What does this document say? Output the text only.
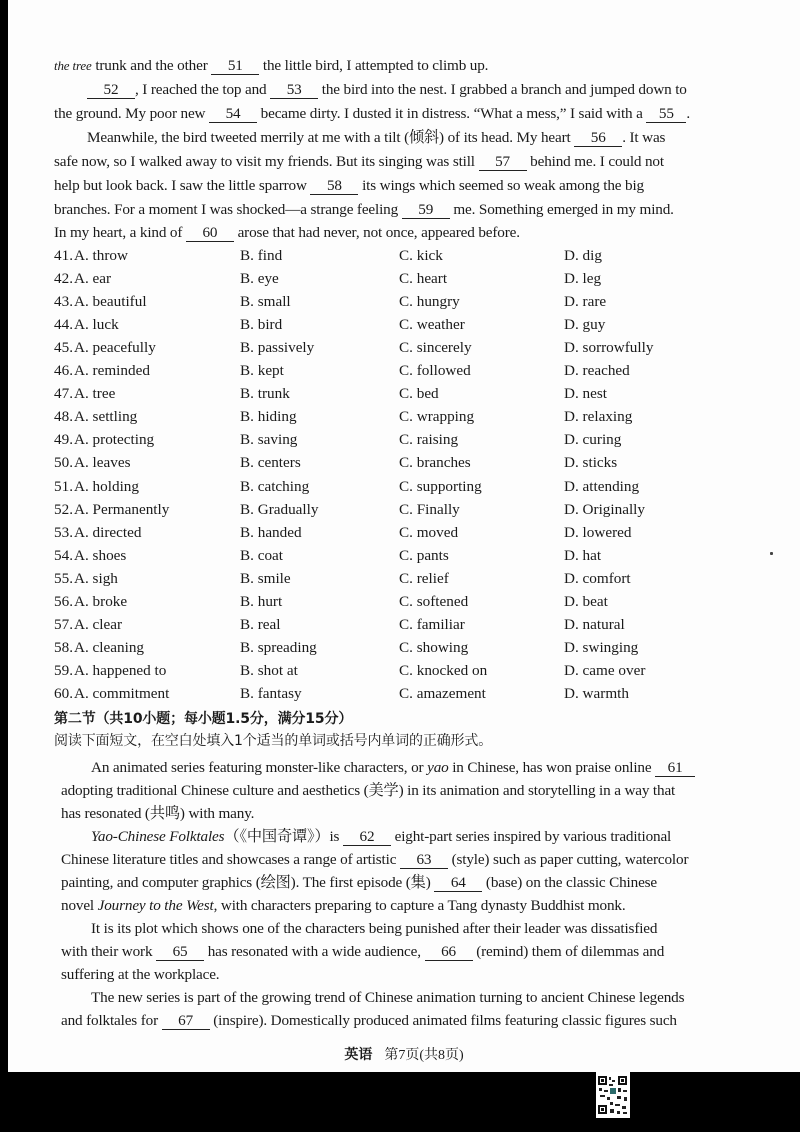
the tree trunk and the other 51 the little bird, I attempted to climb up.
52 , I reached the top and 53 the bird into the nest. I grabbed a branch and jumped down to
the ground. My poor new 54 became dirty. I dusted it in distress. “What a mess,” I said with a 55 .
Meanwhile, the bird tweeted merrily at me with a tilt (倾斜) of its head. My heart 56 . It was
safe now, so I walked away to visit my friends. But its singing was still 57 behind me. I could not
help but look back. I saw the little sparrow 58 its wings which seemed so weak among the big
branches. For a moment I was shocked—a strange feeling 59 me. Something emerged in my mind.
In my heart, a kind of 60 arose that had never, not once, appeared before.
41. A. throw	B. find	C. kick	D. dig
42. A. ear	B. eye	C. heart	D. leg
43. A. beautiful	B. small	C. hungry	D. rare
44. A. luck	B. bird	C. weather	D. guy
45. A. peacefully	B. passively	C. sincerely	D. sorrowfully
46. A. reminded	B. kept	C. followed	D. reached
47. A. tree	B. trunk	C. bed	D. nest
48. A. settling	B. hiding	C. wrapping	D. relaxing
49. A. protecting	B. saving	C. raising	D. curing
50. A. leaves	B. centers	C. branches	D. sticks
51. A. holding	B. catching	C. supporting	D. attending
52. A. Permanently	B. Gradually	C. Finally	D. Originally
53. A. directed	B. handed	C. moved	D. lowered
54. A. shoes	B. coat	C. pants	D. hat
55. A. sigh	B. smile	C. relief	D. comfort
56. A. broke	B. hurt	C. softened	D. beat
57. A. clear	B. real	C. familiar	D. natural
58. A. cleaning	B. spreading	C. showing	D. swinging
59. A. happened to	B. shot at	C. knocked on	D. came over
60. A. commitment	B. fantasy	C. amazement	D. warmth
第二节（共10小题；每小题1.5分，满分15分）
阅读下面短文，在空白处填入1个适当的单词或括号内单词的正确形式。
An animated series featuring monster-like characters, or yao in Chinese, has won praise online 61
adopting traditional Chinese culture and aesthetics (美学) in its animation and storytelling in a way that
has resonated (共鸣) with many.
Yao-Chinese Folktales（《中国奇谭》）is 62 eight-part series inspired by various traditional
Chinese literature titles and showcases a range of artistic 63 (style) such as paper cutting, watercolor
painting, and computer graphics (绘图). The first episode (集) 64 (base) on the classic Chinese
novel Journey to the West, with characters preparing to capture a Tang dynasty Buddhist monk.
It is its plot which shows one of the characters being punished after their leader was dissatisfied
with their work 65 has resonated with a wide audience, 66 (remind) them of dilemmas and
suffering at the workplace.
The new series is part of the growing trend of Chinese animation turning to ancient Chinese legends
and folktales for 67 (inspire). Domestically produced animated films featuring classic figures such
英语 第7页(共8页)
